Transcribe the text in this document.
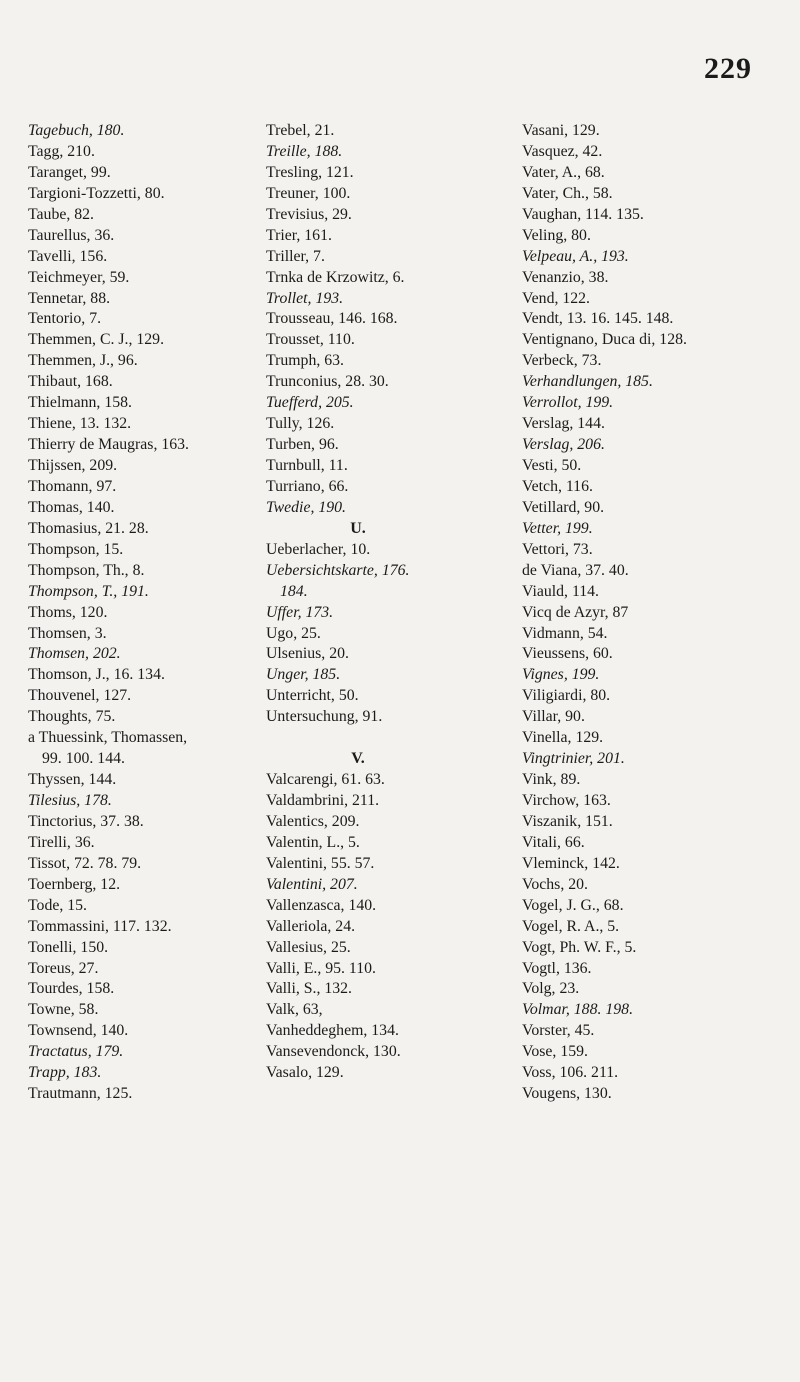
229
Tagebuch, 180.
Tagg, 210.
Taranget, 99.
Targioni-Tozzetti, 80.
Taube, 82.
Taurellus, 36.
Tavelli, 156.
Teichmeyer, 59.
Tennetar, 88.
Tentorio, 7.
Themmen, C. J., 129.
Themmen, J., 96.
Thibaut, 168.
Thielmann, 158.
Thiene, 13. 132.
Thierry de Maugras, 163.
Thijssen, 209.
Thomann, 97.
Thomas, 140.
Thomasius, 21. 28.
Thompson, 15.
Thompson, Th., 8.
Thompson, T., 191.
Thoms, 120.
Thomsen, 3.
Thomsen, 202.
Thomson, J., 16. 134.
Thouvenel, 127.
Thoughts, 75.
a Thuessink, Thomassen,
99. 100. 144.
Thyssen, 144.
Tilesius, 178.
Tinctorius, 37. 38.
Tirelli, 36.
Tissot, 72. 78. 79.
Toernberg, 12.
Tode, 15.
Tommassini, 117. 132.
Tonelli, 150.
Toreus, 27.
Tourdes, 158.
Towne, 58.
Townsend, 140.
Tractatus, 179.
Trapp, 183.
Trautmann, 125.
Trebel, 21.
Treille, 188.
Tresling, 121.
Treuner, 100.
Trevisius, 29.
Trier, 161.
Triller, 7.
Trnka de Krzowitz, 6.
Trollet, 193.
Trousseau, 146. 168.
Trousset, 110.
Trumph, 63.
Trunconius, 28. 30.
Tuefferd, 205.
Tully, 126.
Turben, 96.
Turnbull, 11.
Turriano, 66.
Twedie, 190.
U.
Ueberlacher, 10.
Uebersichtskarte, 176.
184.
Uffer, 173.
Ugo, 25.
Ulsenius, 20.
Unger, 185.
Unterricht, 50.
Untersuchung, 91.
V.
Valcarengi, 61. 63.
Valdambrini, 211.
Valentics, 209.
Valentin, L., 5.
Valentini, 55. 57.
Valentini, 207.
Vallenzasca, 140.
Valleriola, 24.
Vallesius, 25.
Valli, E., 95. 110.
Valli, S., 132.
Valk, 63,
Vanheddeghem, 134.
Vansevendonck, 130.
Vasalo, 129.
Vasani, 129.
Vasquez, 42.
Vater, A., 68.
Vater, Ch., 58.
Vaughan, 114. 135.
Veling, 80.
Velpeau, A., 193.
Venanzio, 38.
Vend, 122.
Vendt, 13. 16. 145. 148.
Ventignano, Duca di, 128.
Verbeck, 73.
Verhandlungen, 185.
Verrollot, 199.
Verslag, 144.
Verslag, 206.
Vesti, 50.
Vetch, 116.
Vetillard, 90.
Vetter, 199.
Vettori, 73.
de Viana, 37. 40.
Viauld, 114.
Vicq de Azyr, 87
Vidmann, 54.
Vieussens, 60.
Vignes, 199.
Viligiardi, 80.
Villar, 90.
Vinella, 129.
Vingtrinier, 201.
Vink, 89.
Virchow, 163.
Viszanik, 151.
Vitali, 66.
Vleminck, 142.
Vochs, 20.
Vogel, J. G., 68.
Vogel, R. A., 5.
Vogt, Ph. W. F., 5.
Vogtl, 136.
Volg, 23.
Volmar, 188. 198.
Vorster, 45.
Vose, 159.
Voss, 106. 211.
Vougens, 130.
